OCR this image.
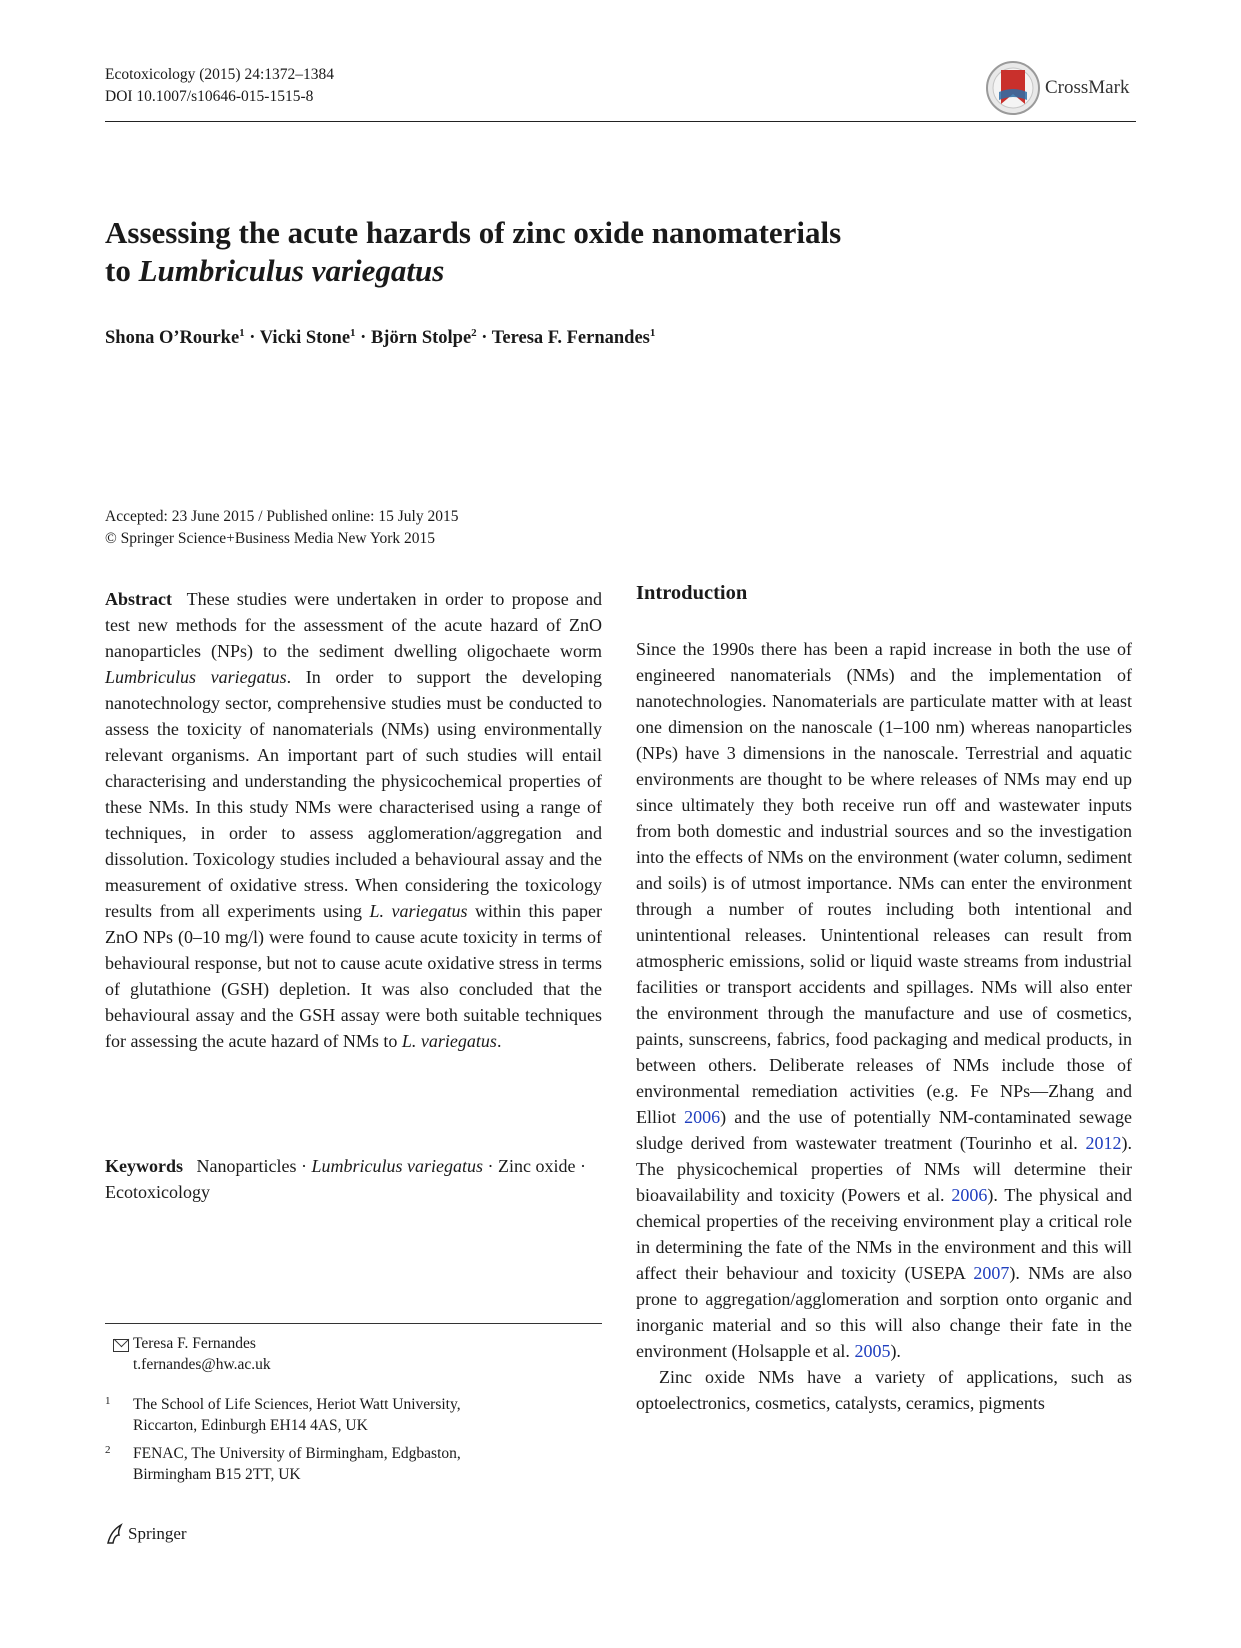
Ecotoxicology (2015) 24:1372–1384
DOI 10.1007/s10646-015-1515-8	CrossMark
Assessing the acute hazards of zinc oxide nanomaterials
to Lumbriculus variegatus
Shona O’Rourke$^1$ · Vicki Stone$^1$ · Björn Stolpe$^2$ · Teresa F. Fernandes$^1$
Accepted: 23 June 2015 / Published online: 15 July 2015
© Springer Science+Business Media New York 2015

Abstract These studies were undertaken in order to propose and test new methods for the assessment of the acute hazard of ZnO nanoparticles (NPs) to the sediment dwelling oligochaete worm Lumbriculus variegatus. In order to support the developing nanotechnology sector, comprehensive studies must be conducted to assess the toxicity of nanomaterials (NMs) using environmentally relevant organisms. An important part of such studies will entail characterising and understanding the physicochemical properties of these NMs. In this study NMs were characterised using a range of techniques, in order to assess agglomeration/aggregation and dissolution. Toxicology studies included a behavioural assay and the measurement of oxidative stress. When considering the toxicology results from all experiments using L. variegatus within this paper ZnO NPs (0–10 mg/l) were found to cause acute toxicity in terms of behavioural response, but not to cause acute oxidative stress in terms of glutathione (GSH) depletion. It was also concluded that the behavioural assay and the GSH assay were both suitable techniques for assessing the acute hazard of NMs to L. variegatus.

Keywords Nanoparticles · Lumbriculus variegatus · Zinc oxide · Ecotoxicology
Teresa F. Fernandes
t.fernandes@hw.ac.uk
1 The School of Life Sciences, Heriot Watt University,
Riccarton, Edinburgh EH14 4AS, UK
2 FENAC, The University of Birmingham, Edgbaston,
Birmingham B15 2TT, UK
Introduction

Since the 1990s there has been a rapid increase in both the use of engineered nanomaterials (NMs) and the implementation of nanotechnologies. Nanomaterials are particulate matter with at least one dimension on the nanoscale (1–100 nm) whereas nanoparticles (NPs) have 3 dimensions in the nanoscale. Terrestrial and aquatic environments are thought to be where releases of NMs may end up since ultimately they both receive run off and wastewater inputs from both domestic and industrial sources and so the investigation into the effects of NMs on the environment (water column, sediment and soils) is of utmost importance. NMs can enter the environment through a number of routes including both intentional and unintentional releases. Unintentional releases can result from atmospheric emissions, solid or liquid waste streams from industrial facilities or transport accidents and spillages. NMs will also enter the environment through the manufacture and use of cosmetics, paints, sunscreens, fabrics, food packaging and medical products, in between others. Deliberate releases of NMs include those of environmental remediation activities (e.g. Fe NPs—Zhang and Elliot 2006) and the use of potentially NM-contaminated sewage sludge derived from wastewater treatment (Tourinho et al. 2012). The physicochemical properties of NMs will determine their bioavailability and toxicity (Powers et al. 2006). The physical and chemical properties of the receiving environment play a critical role in determining the fate of the NMs in the environment and this will affect their behaviour and toxicity (USEPA 2007). NMs are also prone to aggregation/agglomeration and sorption onto organic and inorganic material and so this will also change their fate in the environment (Holsapple et al. 2005).

Zinc oxide NMs have a variety of applications, such as optoelectronics, cosmetics, catalysts, ceramics, pigments

Springer
